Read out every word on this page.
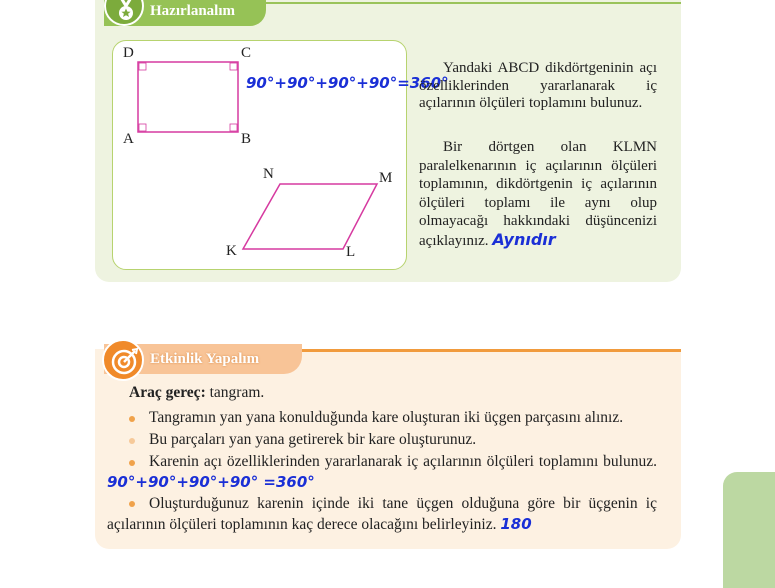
Hazırlanalım
D	C
A	B
N	M
K	L
90°+90°+90°+90°=360°

Yandaki ABCD dikdörtgeninin açı özelliklerinden yararlanarak iç açılarının ölçüleri toplamını bulunuz.

Bir dörtgen olan KLMN paralelkenarının iç açılarının ölçüleri toplamının, dikdörtgenin iç açılarının ölçüleri toplamı ile aynı olup olmayacağı hakkındaki düşüncenizi açıklayınız. Aynıdır

Etkinlik Yapalım
Araç gereç: tangram.
Tangramın yan yana konulduğunda kare oluşturan iki üçgen parçasını alınız.
Bu parçaları yan yana getirerek bir kare oluşturunuz.
Karenin açı özelliklerinden yararlanarak iç açılarının ölçüleri toplamını bulunuz. 90°+90°+90°+90° =360°
Oluşturduğunuz karenin içinde iki tane üçgen olduğuna göre bir üçgenin iç açılarının ölçüleri toplamının kaç derece olacağını belirleyiniz. 180
